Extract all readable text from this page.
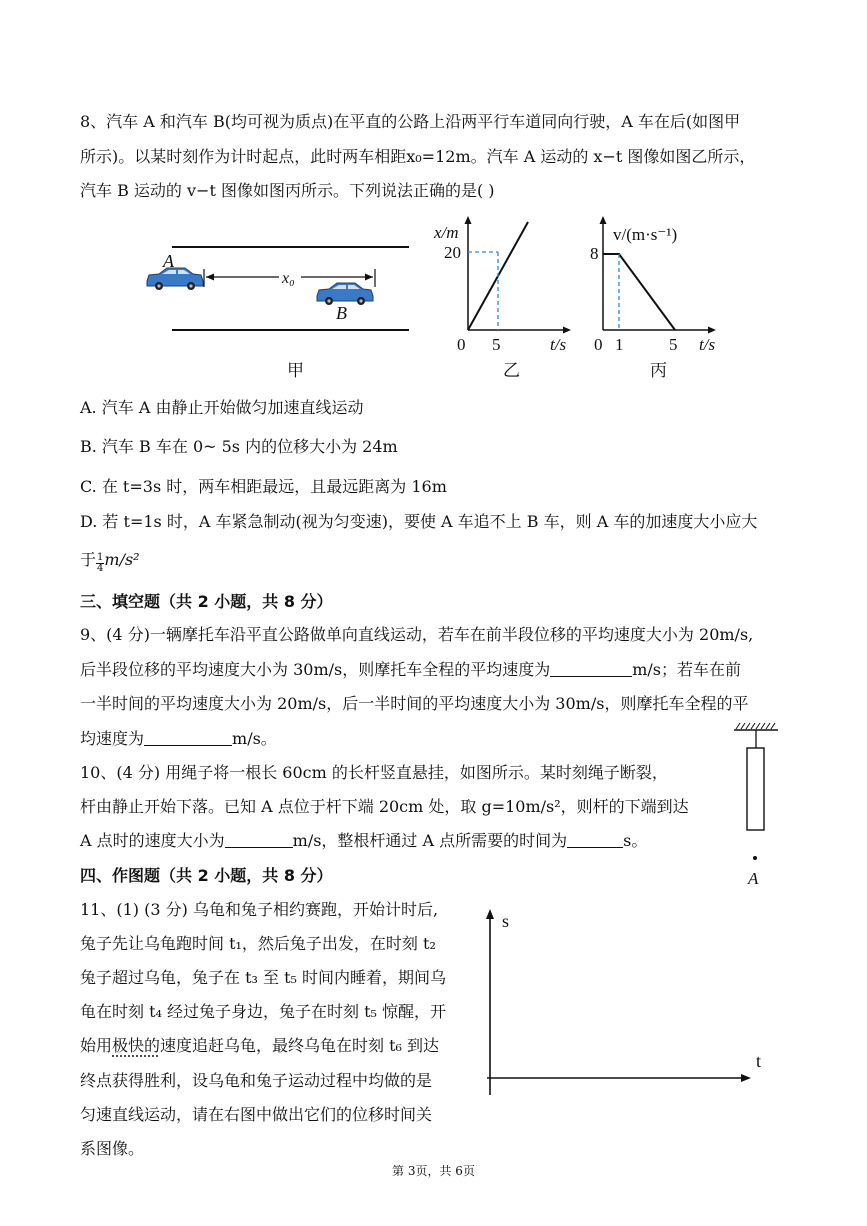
8、汽车 A 和汽车 B(均可视为质点)在平直的公路上沿两平行车道同向行驶，A 车在后(如图甲
所示)。以某时刻作为计时起点，此时两车相距x₀=12m。汽车 A 运动的 x−t 图像如图乙所示，
汽车 B 运动的 v−t 图像如图丙所示。下列说法正确的是( )
x₀
A
B
甲
x/m
20
0 5	t/s
乙
v/(m·s⁻¹)
8
0 1	5 t/s
丙
A. 汽车 A 由静止开始做匀加速直线运动
B. 汽车 B 车在 0~ 5s 内的位移大小为 24m
C. 在 t=3s 时，两车相距最远，且最远距离为 16m
D. 若 t=1s 时，A 车紧急制动(视为匀变速)，要使 A 车追不上 B 车，则 A 车的加速度大小应大
于 $\frac{1}{4} m/s^2$
三、填空题（共 2 小题，共 8 分）
9、(4 分)一辆摩托车沿平直公路做单向直线运动，若车在前半段位移的平均速度大小为 20m/s,
后半段位移的平均速度大小为 30m/s，则摩托车全程的平均速度为	m/s；若车在前
一半时间的平均速度大小为 20m/s，后一半时间的平均速度大小为 30m/s，则摩托车全程的平
均速度为	m/s。
10、(4 分) 用绳子将一根长 60cm 的长杆竖直悬挂，如图所示。某时刻绳子断裂，
杆由静止开始下落。已知 A 点位于杆下端 20cm 处，取 g=10m/s²，则杆的下端到达
A 点时的速度大小为	m/s，整根杆通过 A 点所需要的时间为	s。
A
四、作图题（共 2 小题，共 8 分）
11、(1) (3 分) 乌龟和兔子相约赛跑，开始计时后,
兔子先让乌龟跑时间 t₁，然后兔子出发，在时刻 t₂
兔子超过乌龟，兔子在 t₃ 至 t₅ 时间内睡着，期间乌
龟在时刻 t₄ 经过兔子身边，兔子在时刻 t₅ 惊醒，开
始用极快的速度追赶乌龟，最终乌龟在时刻 t₆ 到达
终点获得胜利，设乌龟和兔子运动过程中均做的是
匀速直线运动，请在右图中做出它们的位移时间关
系图像。
s
t
第 3页，共 6页
